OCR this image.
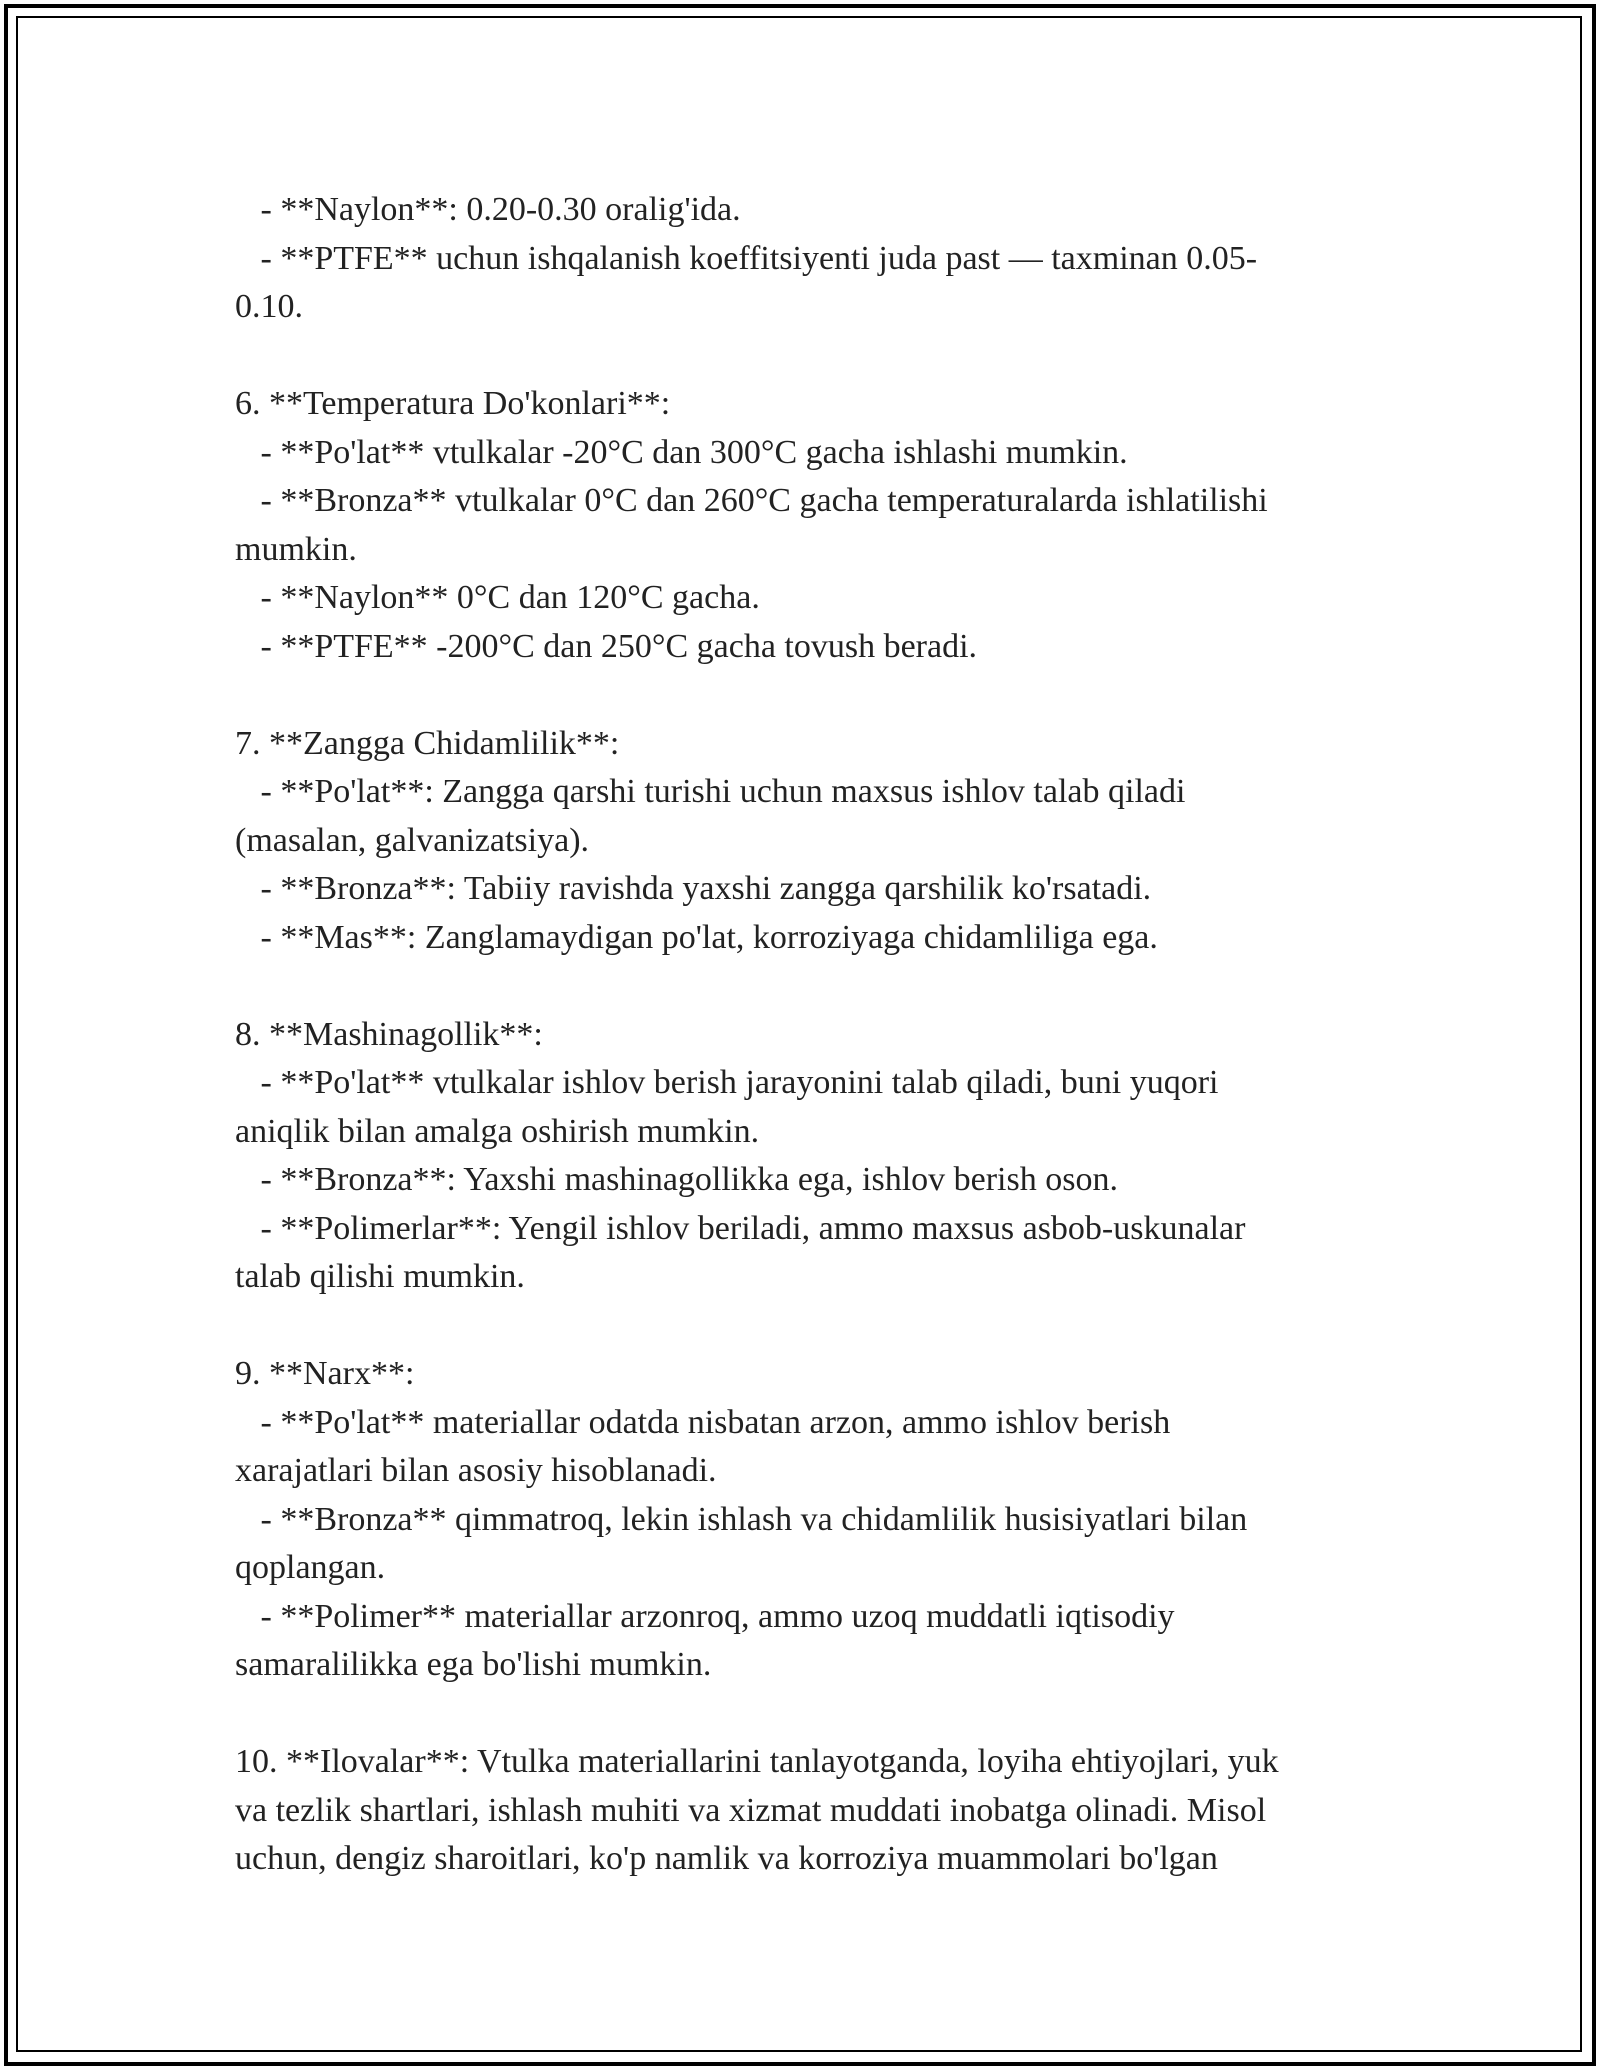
- **Naylon**: 0.20-0.30 oralig'ida.
- **PTFE** uchun ishqalanish koeffitsiyenti juda past — taxminan 0.05-
0.10.
6. **Temperatura Do'konlari**:
- **Po'lat** vtulkalar -20°C dan 300°C gacha ishlashi mumkin.
- **Bronza** vtulkalar 0°C dan 260°C gacha temperaturalarda ishlatilishi
mumkin.
- **Naylon** 0°C dan 120°C gacha.
- **PTFE** -200°C dan 250°C gacha tovush beradi.
7. **Zangga Chidamlilik**:
- **Po'lat**: Zangga qarshi turishi uchun maxsus ishlov talab qiladi
(masalan, galvanizatsiya).
- **Bronza**: Tabiiy ravishda yaxshi zangga qarshilik ko'rsatadi.
- **Mas**: Zanglamaydigan po'lat, korroziyaga chidamliliga ega.
8. **Mashinagollik**:
- **Po'lat** vtulkalar ishlov berish jarayonini talab qiladi, buni yuqori
aniqlik bilan amalga oshirish mumkin.
- **Bronza**: Yaxshi mashinagollikka ega, ishlov berish oson.
- **Polimerlar**: Yengil ishlov beriladi, ammo maxsus asbob-uskunalar
talab qilishi mumkin.
9. **Narx**:
- **Po'lat** materiallar odatda nisbatan arzon, ammo ishlov berish
xarajatlari bilan asosiy hisoblanadi.
- **Bronza** qimmatroq, lekin ishlash va chidamlilik husisiyatlari bilan
qoplangan.
- **Polimer** materiallar arzonroq, ammo uzoq muddatli iqtisodiy
samaralilikka ega bo'lishi mumkin.
10. **Ilovalar**: Vtulka materiallarini tanlayotganda, loyiha ehtiyojlari, yuk
va tezlik shartlari, ishlash muhiti va xizmat muddati inobatga olinadi. Misol
uchun, dengiz sharoitlari, ko'p namlik va korroziya muammolari bo'lgan
